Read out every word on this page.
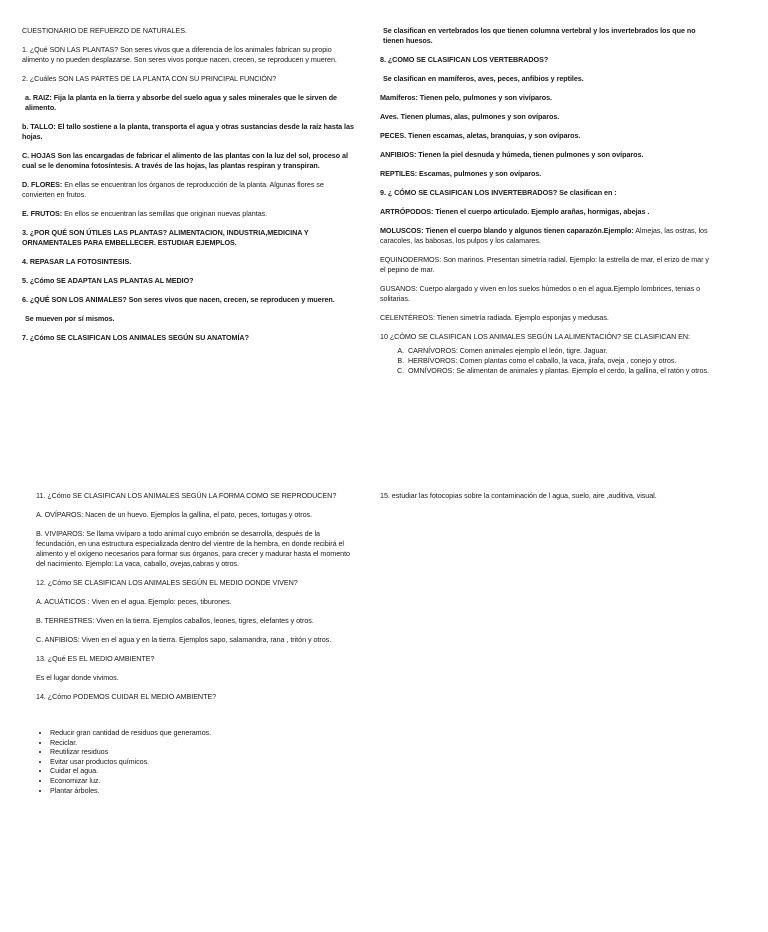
CUESTIONARIO DE REFUERZO DE NATURALES.

1. ¿Qué SON LAS PLANTAS? Son seres vivos que a diferencia de los animales fabrican su propio alimento y no pueden desplazarse. Son seres vivos porque nacen, crecen, se reproducen y mueren.

2. ¿Cuáles SON LAS PARTES DE LA PLANTA CON SU PRINCIPAL FUNCIÓN?

a. RAIZ: Fija la planta en la tierra y absorbe del suelo agua y sales minerales que le sirven de alimento.

b. TALLO: El tallo sostiene a la planta, transporta el agua y otras sustancias desde la raíz hasta las hojas.

C. HOJAS Son las encargadas de fabricar el alimento de las plantas con la luz del sol, proceso al cual se le denomina fotosíntesis. A través de las hojas, las plantas respiran y transpiran.

D. FLORES: En ellas se encuentran los órganos de reproducción de la planta. Algunas flores se convierten en frutos.

E. FRUTOS: En ellos se encuentran las semillas que originan nuevas plantas.

3. ¿POR QUÉ SON ÚTILES LAS PLANTAS? ALIMENTACION, INDUSTRIA,MEDICINA Y ORNAMENTALES PARA EMBELLECER. ESTUDIAR EJEMPLOS.

4. REPASAR LA FOTOSINTESIS.

5. ¿Cómo SE ADAPTAN LAS PLANTAS AL MEDIO?

6. ¿QUÉ SON LOS ANIMALES? Son seres vivos que nacen, crecen, se reproducen y mueren.

Se mueven por sí mismos.

7. ¿Cómo SE CLASIFICAN LOS ANIMALES SEGÚN SU ANATOMÍA?

Se clasifican en vertebrados los que tienen columna vertebral y los invertebrados los que no tienen huesos.

8. ¿COMO SE CLASIFICAN LOS VERTEBRADOS?

Se clasifican en mamíferos, aves, peces, anfibios y reptiles.

Mamíferos: Tienen pelo, pulmones y son vivíparos.

Aves. Tienen plumas, alas, pulmones y son ovíparos.

PECES. Tienen escamas, aletas, branquias, y son ovíparos.

ANFIBIOS: Tienen la piel desnuda y húmeda, tienen pulmones y son ovíparos.

REPTILES: Escamas, pulmones y son ovíparos.

9. ¿ CÓMO SE CLASIFICAN LOS INVERTEBRADOS? Se clasifican en :

ARTRÓPODOS: Tienen el cuerpo articulado. Ejemplo arañas, hormigas, abejas .

MOLUSCOS: Tienen el cuerpo blando y algunos tienen caparazón.Ejemplo: Almejas, las ostras, los caracoles, las babosas, los pulpos y los calamares.

EQUINODERMOS: Son marinos. Presentan simetría radial. Ejemplo: la estrella de mar, el erizo de mar y el pepino de mar.

GUSANOS: Cuerpo alargado y viven en los suelos húmedos o en el agua.Ejemplo lombrices, tenias o solitarias.

CELENTÉREOS: Tienen simetría radiada. Ejemplo esponjas y medusas.

10 ¿CÓMO SE CLASIFICAN LOS ANIMALES SEGÚN LA ALIMENTACIÓN? SE CLASIFICAN EN:

A. CARNÍVOROS: Comen animales ejemplo el león, tigre. Jaguar.
B. HERBÍVOROS: Comen plantas como el caballo, la vaca, jirafa, oveja , conejo y otros.
C. OMNÍVOROS: Se alimentan de animales y plantas. Ejemplo el cerdo, la gallina, el ratón y otros.

11. ¿Cómo SE CLASIFICAN LOS ANIMALES SEGÚN LA FORMA COMO SE REPRODUCEN?

A. OVÍPAROS: Nacen de un huevo. Ejemplos la gallina, el pato, peces, tortugas y otros.

B. VIVIPAROS: Se llama vivíparo a todo animal cuyo embrión se desarrolla, después de la fecundación, en una estructura especializada dentro del vientre de la hembra, en donde recibirá el alimento y el oxígeno necesarios para formar sus órganos, para crecer y madurar hasta el momento del nacimiento. Ejemplo: La vaca, caballo, ovejas,cabras y otros.

12. ¿Cómo SE CLASIFICAN LOS ANIMALES SEGÚN EL MEDIO DONDE VIVEN?

A. ACUÁTICOS : Viven en el agua. Ejemplo: peces, tiburones.

B. TERRESTRES: Viven en la tierra. Ejemplos caballos, leones, tigres, elefantes y otros.

C. ANFIBIOS: Viven en el agua y en la tierra. Ejemplos sapo, salamandra, rana , tritón y otros.

13. ¿Qué ES EL MEDIO AMBIENTE?

Es el lugar donde vivimos.

14. ¿Cómo PODEMOS CUIDAR EL MEDIO AMBIENTE?

• Reducir gran cantidad de residuos que generamos.
• Reciclar.
• Reutilizar residuos
• Evitar usar productos químicos.
• Cuidar el agua.
• Economizar luz.
• Plantar árboles.

15. estudiar las fotocopias sobre la contaminación de l agua, suelo, aire ,auditiva, visual.
